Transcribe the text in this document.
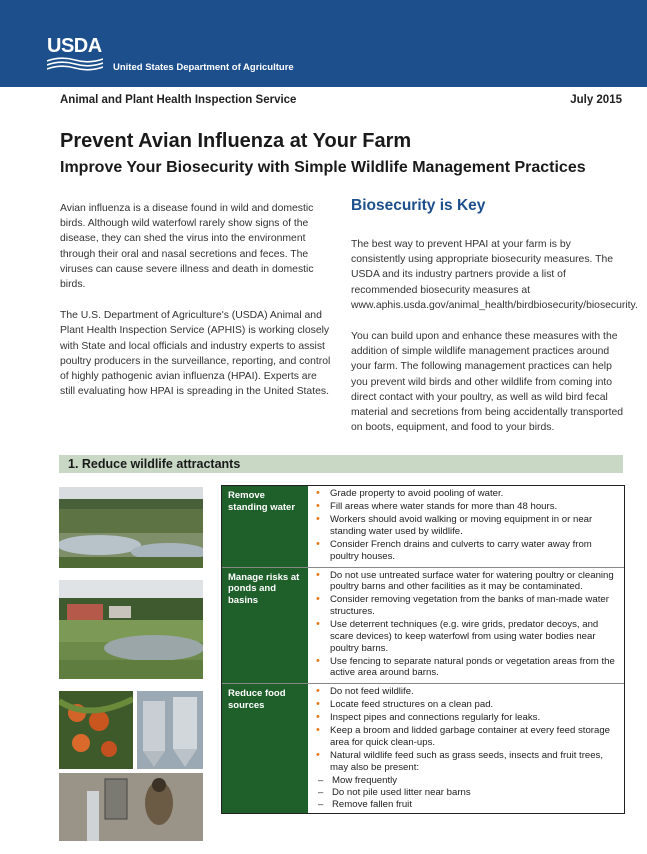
USDA
United States Department of Agriculture
Animal and Plant Health Inspection Service	July 2015
Prevent Avian Influenza at Your Farm
Improve Your Biosecurity with Simple Wildlife Management Practices

Avian influenza is a disease found in wild and domestic birds. Although wild waterfowl rarely show signs of the disease, they can shed the virus into the environment through their oral and nasal secretions and feces. The viruses can cause severe illness and death in domestic birds.

The U.S. Department of Agriculture's (USDA) Animal and Plant Health Inspection Service (APHIS) is working closely with State and local officials and industry experts to assist poultry producers in the surveillance, reporting, and control of highly pathogenic avian influenza (HPAI). Experts are still evaluating how HPAI is spreading in the United States.

Biosecurity is Key

The best way to prevent HPAI at your farm is by consistently using appropriate biosecurity measures. The USDA and its industry partners provide a list of recommended biosecurity measures at www.aphis.usda.gov/animal_health/birdbiosecurity/biosecurity.

You can build upon and enhance these measures with the addition of simple wildlife management practices around your farm. The following management practices can help you prevent wild birds and other wildlife from coming into direct contact with your poultry, as well as wild bird fecal material and secretions from being accidentally transported on boots, equipment, and food to your birds.

1. Reduce wildlife attractants
Remove standing water
• Grade property to avoid pooling of water.
• Fill areas where water stands for more than 48 hours.
• Workers should avoid walking or moving equipment in or near standing water used by wildlife.
• Consider French drains and culverts to carry water away from poultry houses.
Manage risks at ponds and basins
• Do not use untreated surface water for watering poultry or cleaning poultry barns and other facilities as it may be contaminated.
• Consider removing vegetation from the banks of man-made water structures.
• Use deterrent techniques (e.g. wire grids, predator decoys, and scare devices) to keep waterfowl from using water bodies near poultry barns.
• Use fencing to separate natural ponds or vegetation areas from the active area around barns.
Reduce food sources
• Do not feed wildlife.
• Locate feed structures on a clean pad.
• Inspect pipes and connections regularly for leaks.
• Keep a broom and lidded garbage container at every feed storage area for quick clean-ups.
• Natural wildlife feed such as grass seeds, insects and fruit trees, may also be present:
– Mow frequently
– Do not pile used litter near barns
– Remove fallen fruit
